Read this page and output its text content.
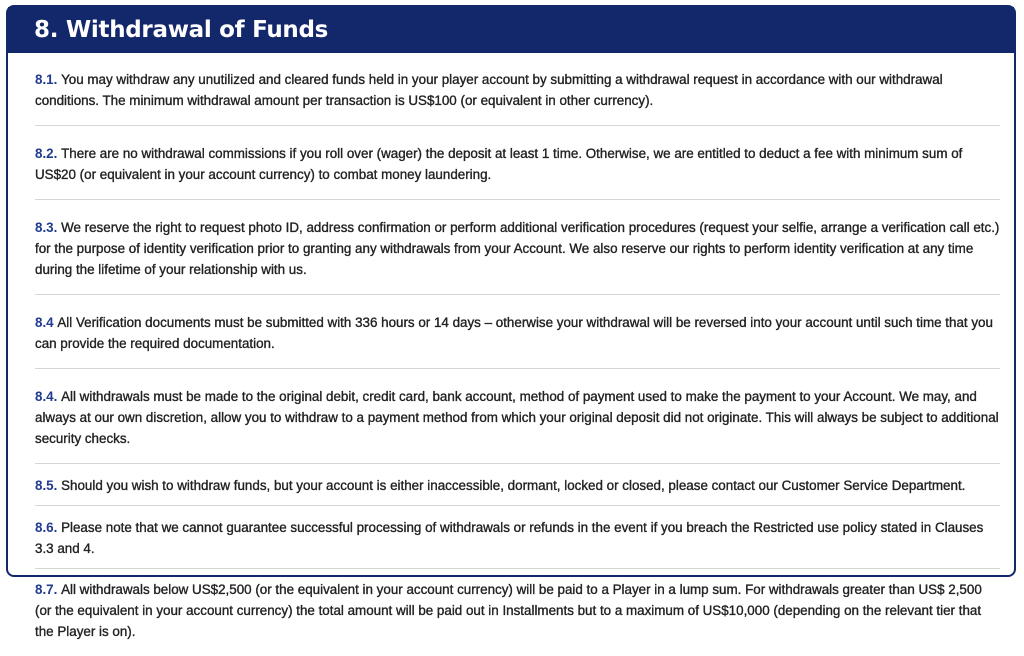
8. Withdrawal of Funds
8.1. You may withdraw any unutilized and cleared funds held in your player account by submitting a withdrawal request in accordance with our withdrawal conditions. The minimum withdrawal amount per transaction is US$100 (or equivalent in other currency).
8.2. There are no withdrawal commissions if you roll over (wager) the deposit at least 1 time. Otherwise, we are entitled to deduct a fee with minimum sum of US$20 (or equivalent in your account currency) to combat money laundering.
8.3. We reserve the right to request photo ID, address confirmation or perform additional verification procedures (request your selfie, arrange a verification call etc.) for the purpose of identity verification prior to granting any withdrawals from your Account. We also reserve our rights to perform identity verification at any time during the lifetime of your relationship with us.
8.4 All Verification documents must be submitted with 336 hours or 14 days – otherwise your withdrawal will be reversed into your account until such time that you can provide the required documentation.
8.4. All withdrawals must be made to the original debit, credit card, bank account, method of payment used to make the payment to your Account. We may, and always at our own discretion, allow you to withdraw to a payment method from which your original deposit did not originate. This will always be subject to additional security checks.
8.5. Should you wish to withdraw funds, but your account is either inaccessible, dormant, locked or closed, please contact our Customer Service Department.
8.6. Please note that we cannot guarantee successful processing of withdrawals or refunds in the event if you breach the Restricted use policy stated in Clauses 3.3 and 4.
8.7. All withdrawals below US$2,500 (or the equivalent in your account currency) will be paid to a Player in a lump sum. For withdrawals greater than US$ 2,500 (or the equivalent in your account currency) the total amount will be paid out in Installments but to a maximum of US$10,000 (depending on the relevant tier that the Player is on).
